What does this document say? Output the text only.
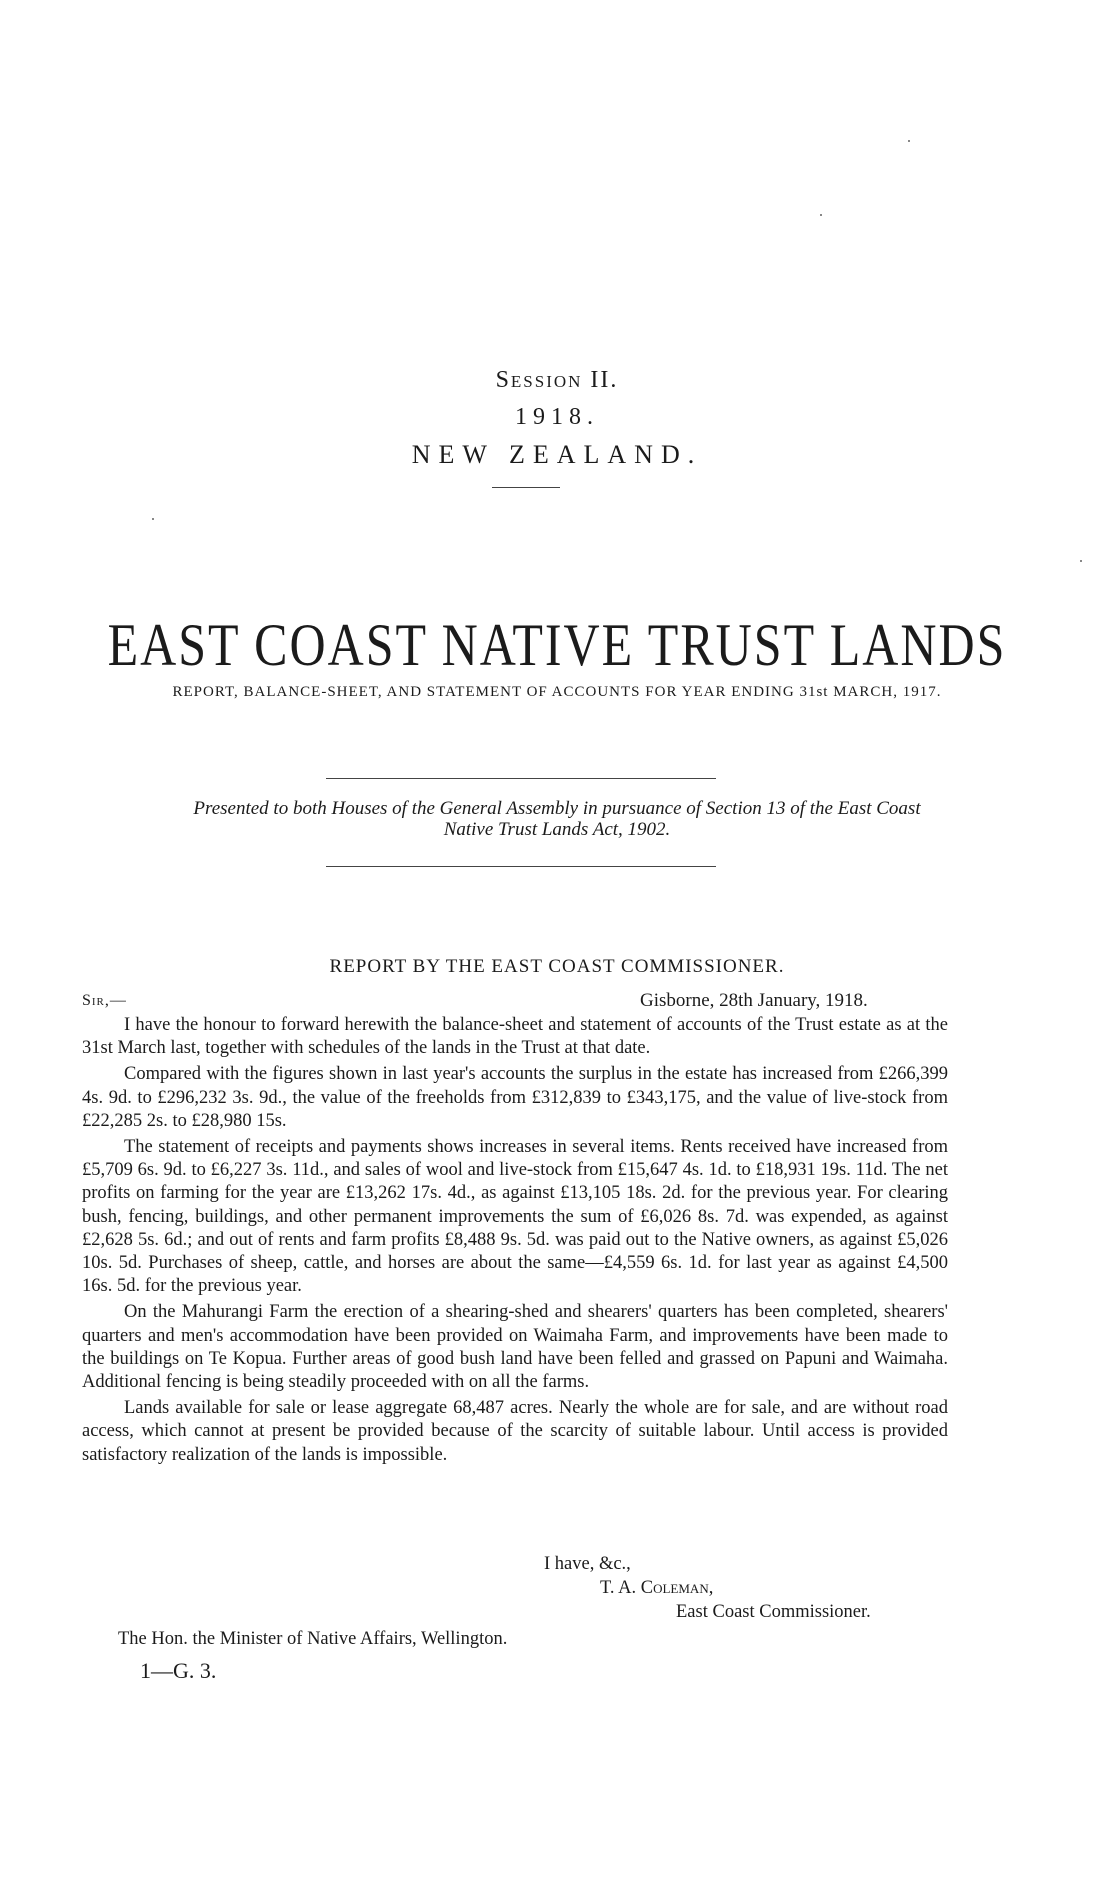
Session II.
1918.
NEW ZEALAND.
EAST COAST NATIVE TRUST LANDS
REPORT, BALANCE-SHEET, AND STATEMENT OF ACCOUNTS FOR YEAR ENDING 31st MARCH, 1917.
Presented to both Houses of the General Assembly in pursuance of Section 13 of the East Coast
Native Trust Lands Act, 1902.
REPORT BY THE EAST COAST COMMISSIONER.
Sir,—	Gisborne, 28th January, 1918.

I have the honour to forward herewith the balance-sheet and statement of accounts of the Trust estate as at the 31st March last, together with schedules of the lands in the Trust at that date.

Compared with the figures shown in last year's accounts the surplus in the estate has increased from £266,399 4s. 9d. to £296,232 3s. 9d., the value of the freeholds from £312,839 to £343,175, and the value of live-stock from £22,285 2s. to £28,980 15s.

The statement of receipts and payments shows increases in several items. Rents received have increased from £5,709 6s. 9d. to £6,227 3s. 11d., and sales of wool and live-stock from £15,647 4s. 1d. to £18,931 19s. 11d. The net profits on farming for the year are £13,262 17s. 4d., as against £13,105 18s. 2d. for the previous year. For clearing bush, fencing, buildings, and other permanent improvements the sum of £6,026 8s. 7d. was expended, as against £2,628 5s. 6d.; and out of rents and farm profits £8,488 9s. 5d. was paid out to the Native owners, as against £5,026 10s. 5d. Purchases of sheep, cattle, and horses are about the same—£4,559 6s. 1d. for last year as against £4,500 16s. 5d. for the previous year.

On the Mahurangi Farm the erection of a shearing-shed and shearers' quarters has been completed, shearers' quarters and men's accommodation have been provided on Waimaha Farm, and improvements have been made to the buildings on Te Kopua. Further areas of good bush land have been felled and grassed on Papuni and Waimaha. Additional fencing is being steadily proceeded with on all the farms.

Lands available for sale or lease aggregate 68,487 acres. Nearly the whole are for sale, and are without road access, which cannot at present be provided because of the scarcity of suitable labour. Until access is provided satisfactory realization of the lands is impossible.

I have, &c.,
T. A. Coleman,
East Coast Commissioner.
The Hon. the Minister of Native Affairs, Wellington.
1—G. 3.
